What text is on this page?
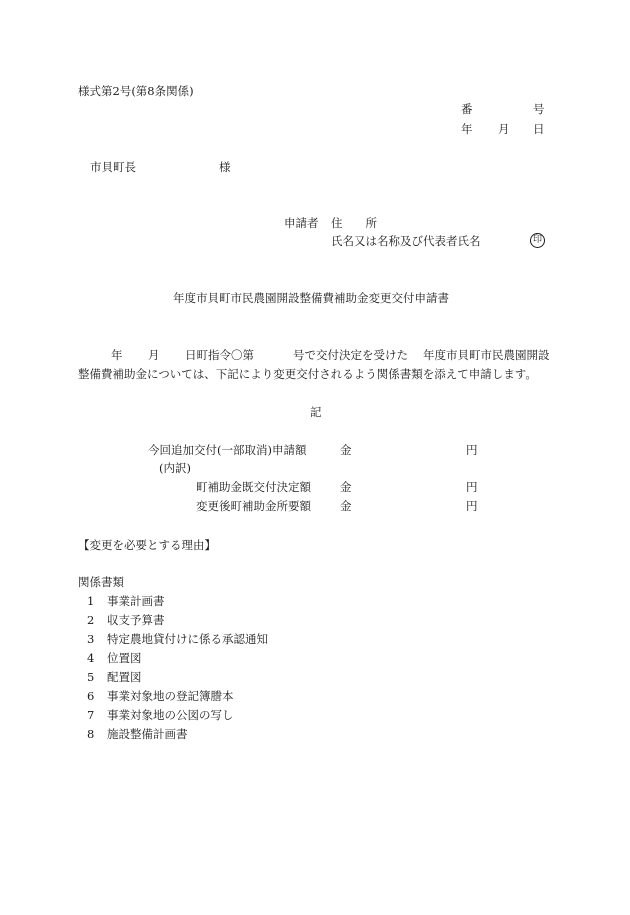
様式第2号(第8条関係)
番	号
年 月 日
市貝町長	様
申請者 住　　所
氏名又は名称及び代表者氏名	印
年度市貝町市民農園開設整備費補助金変更交付申請書
年 月 日町指令〇第	号で交付決定を受けた 年度市貝町市民農園開設
整備費補助金については、下記により変更交付されるよう関係書類を添えて申請します。
記
今回追加交付(一部取消)申請額	金	円
(内訳)
町補助金既交付決定額	金	円
変更後町補助金所要額	金	円
【変更を必要とする理由】
関係書類
1 事業計画書
2 収支予算書
3 特定農地貸付けに係る承認通知
4 位置図
5 配置図
6 事業対象地の登記簿謄本
7 事業対象地の公図の写し
8 施設整備計画書
